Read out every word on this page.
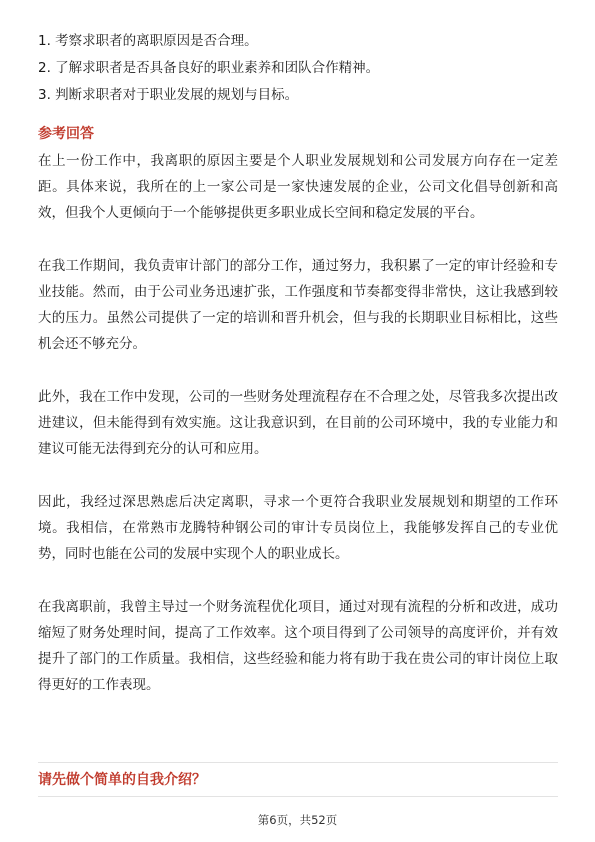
1. 考察求职者的离职原因是否合理。
2. 了解求职者是否具备良好的职业素养和团队合作精神。
3. 判断求职者对于职业发展的规划与目标。
参考回答

在上一份工作中，我离职的原因主要是个人职业发展规划和公司发展方向存在一定差距。具体来说，我所在的上一家公司是一家快速发展的企业，公司文化倡导创新和高效，但我个人更倾向于一个能够提供更多职业成长空间和稳定发展的平台。

在我工作期间，我负责审计部门的部分工作，通过努力，我积累了一定的审计经验和专业技能。然而，由于公司业务迅速扩张，工作强度和节奏都变得非常快，这让我感到较大的压力。虽然公司提供了一定的培训和晋升机会，但与我的长期职业目标相比，这些机会还不够充分。

此外，我在工作中发现，公司的一些财务处理流程存在不合理之处，尽管我多次提出改进建议，但未能得到有效实施。这让我意识到，在目前的公司环境中，我的专业能力和建议可能无法得到充分的认可和应用。

因此，我经过深思熟虑后决定离职，寻求一个更符合我职业发展规划和期望的工作环境。我相信，在常熟市龙腾特种钢公司的审计专员岗位上，我能够发挥自己的专业优势，同时也能在公司的发展中实现个人的职业成长。

在我离职前，我曾主导过一个财务流程优化项目，通过对现有流程的分析和改进，成功缩短了财务处理时间，提高了工作效率。这个项目得到了公司领导的高度评价，并有效提升了部门的工作质量。我相信，这些经验和能力将有助于我在贵公司的审计岗位上取得更好的工作表现。

请先做个简单的自我介绍？
第6页，共52页
